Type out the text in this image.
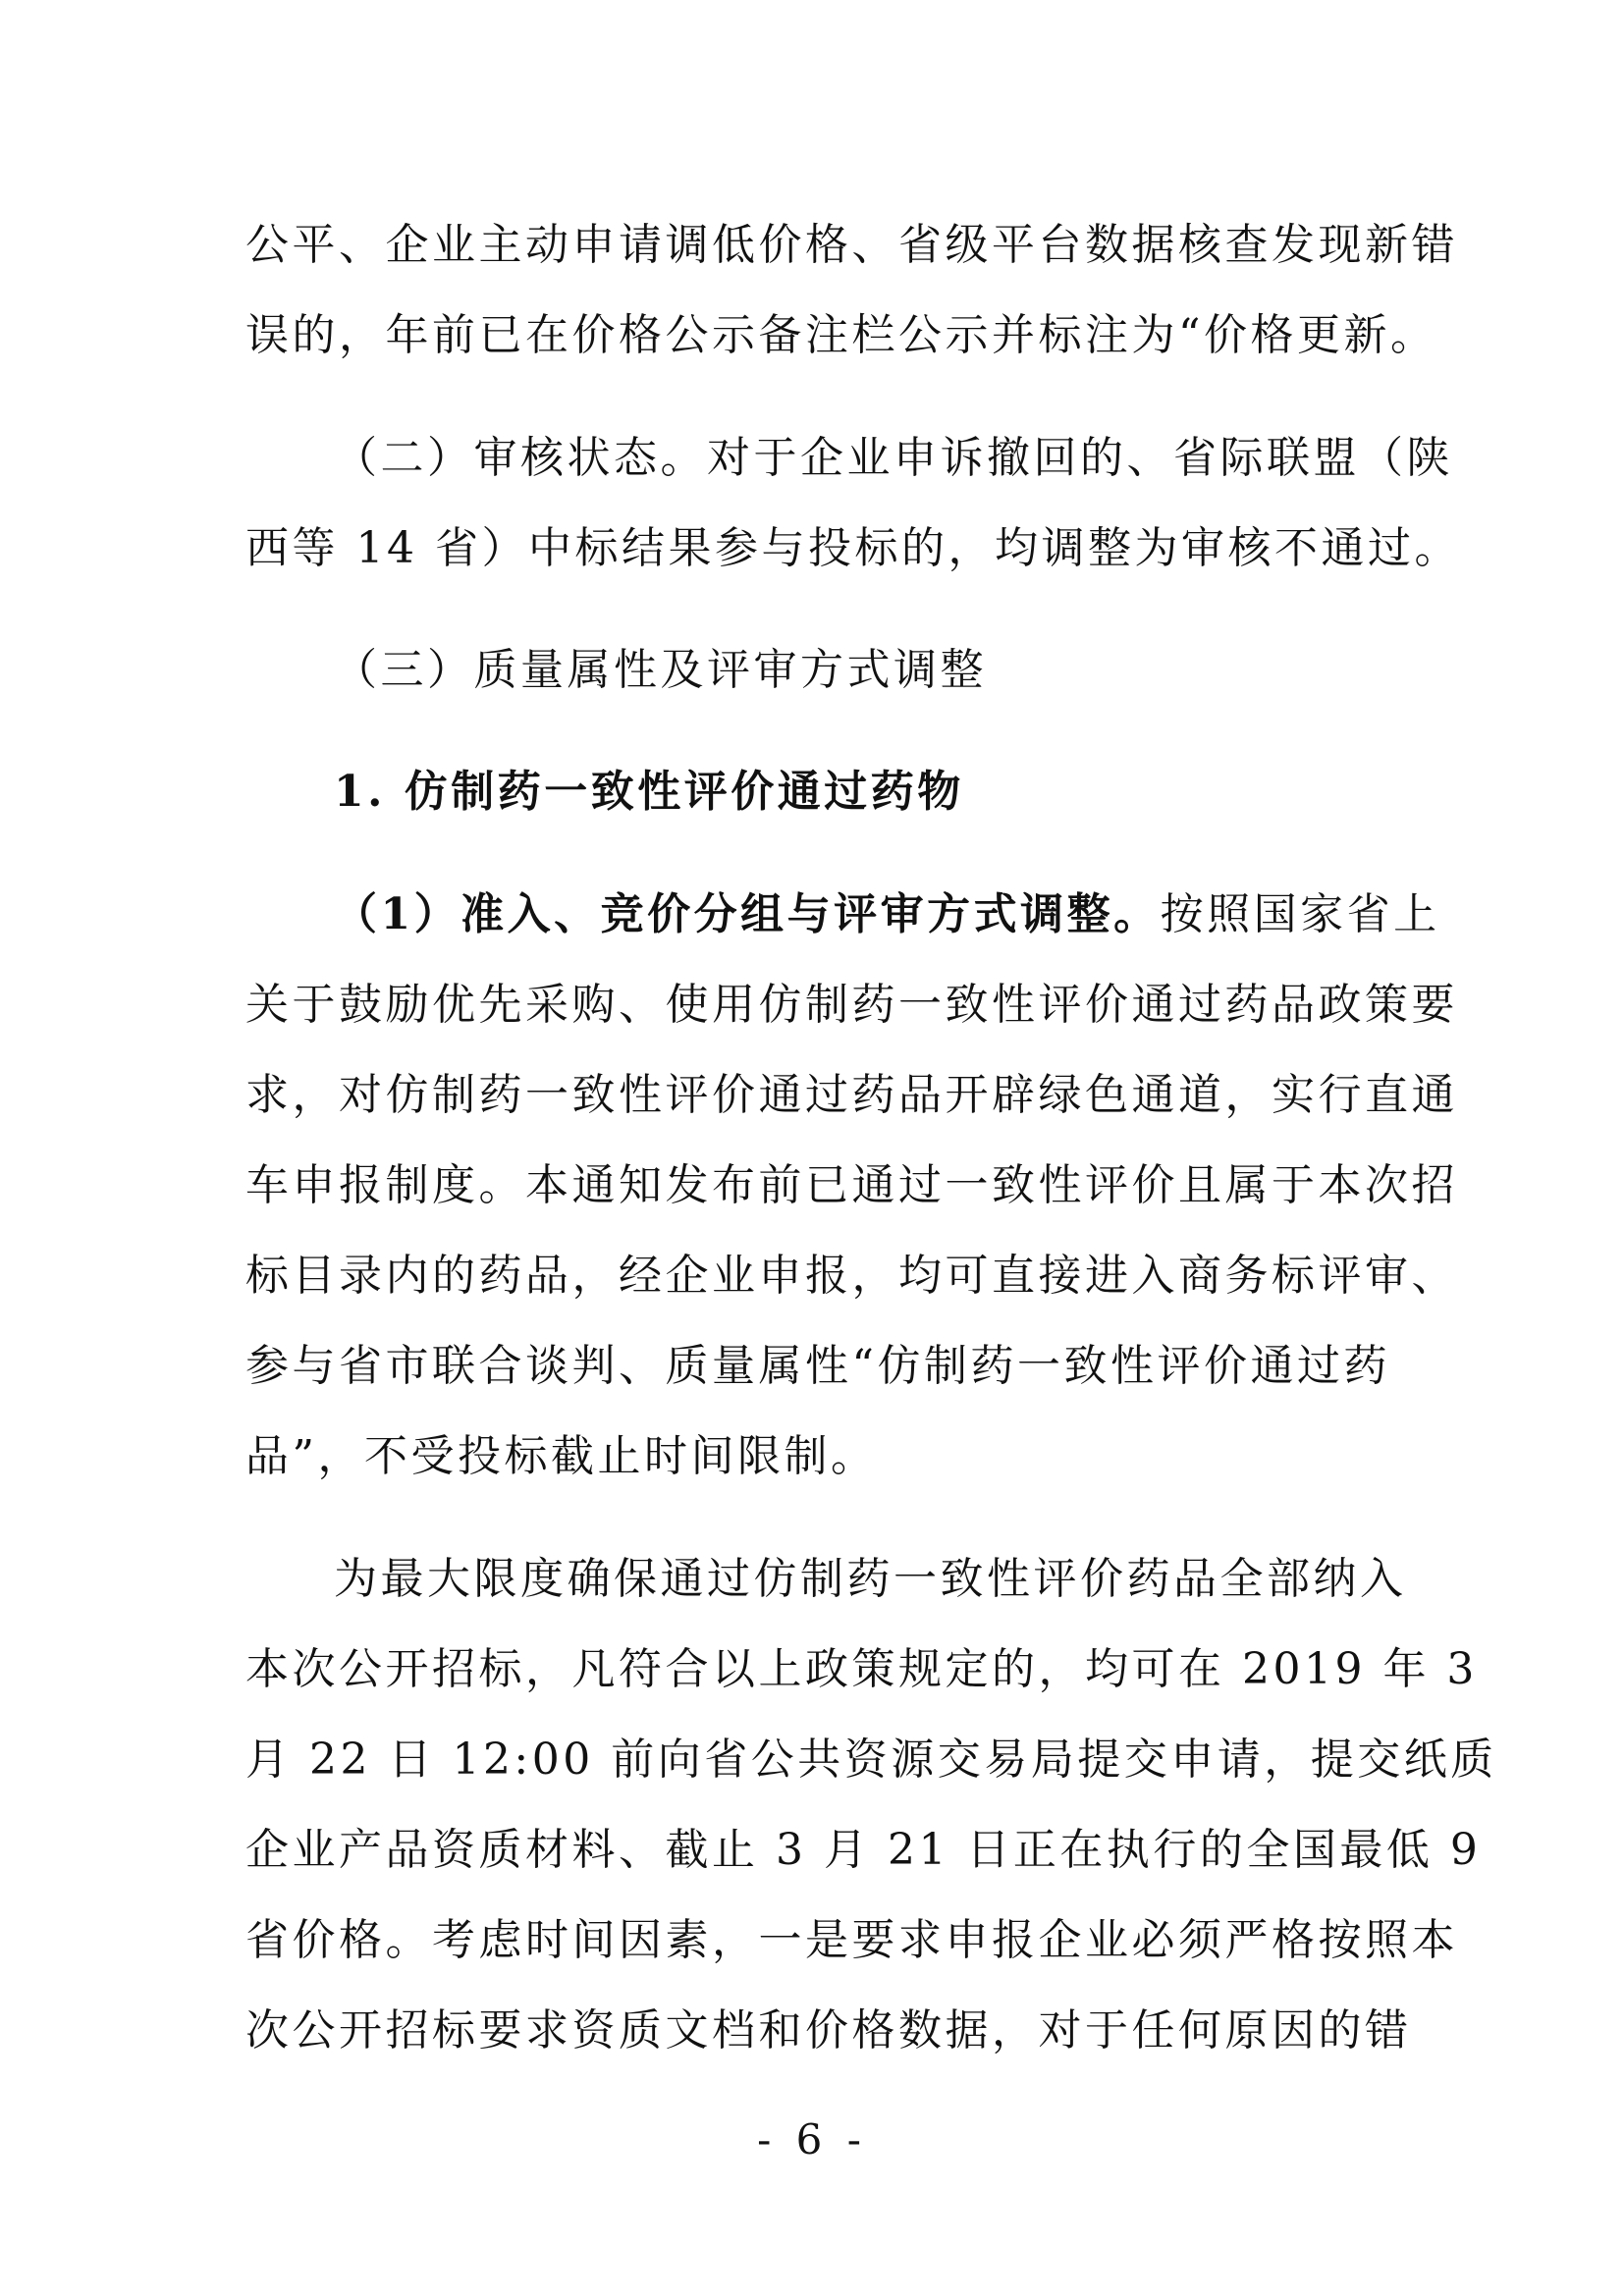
公平、企业主动申请调低价格、省级平台数据核查发现新错
误的，年前已在价格公示备注栏公示并标注为“价格更新。
（二）审核状态。对于企业申诉撤回的、省际联盟（陕
西等 14 省）中标结果参与投标的，均调整为审核不通过。
（三）质量属性及评审方式调整
1. 仿制药一致性评价通过药物
（1）准入、竞价分组与评审方式调整。按照国家省上
关于鼓励优先采购、使用仿制药一致性评价通过药品政策要
求，对仿制药一致性评价通过药品开辟绿色通道，实行直通
车申报制度。本通知发布前已通过一致性评价且属于本次招
标目录内的药品，经企业申报，均可直接进入商务标评审、
参与省市联合谈判、质量属性“仿制药一致性评价通过药
品”，不受投标截止时间限制。
为最大限度确保通过仿制药一致性评价药品全部纳入
本次公开招标，凡符合以上政策规定的，均可在 2019 年 3
月 22 日 12:00 前向省公共资源交易局提交申请，提交纸质
企业产品资质材料、截止 3 月 21 日正在执行的全国最低 9
省价格。考虑时间因素，一是要求申报企业必须严格按照本
次公开招标要求资质文档和价格数据，对于任何原因的错
- 6 -
